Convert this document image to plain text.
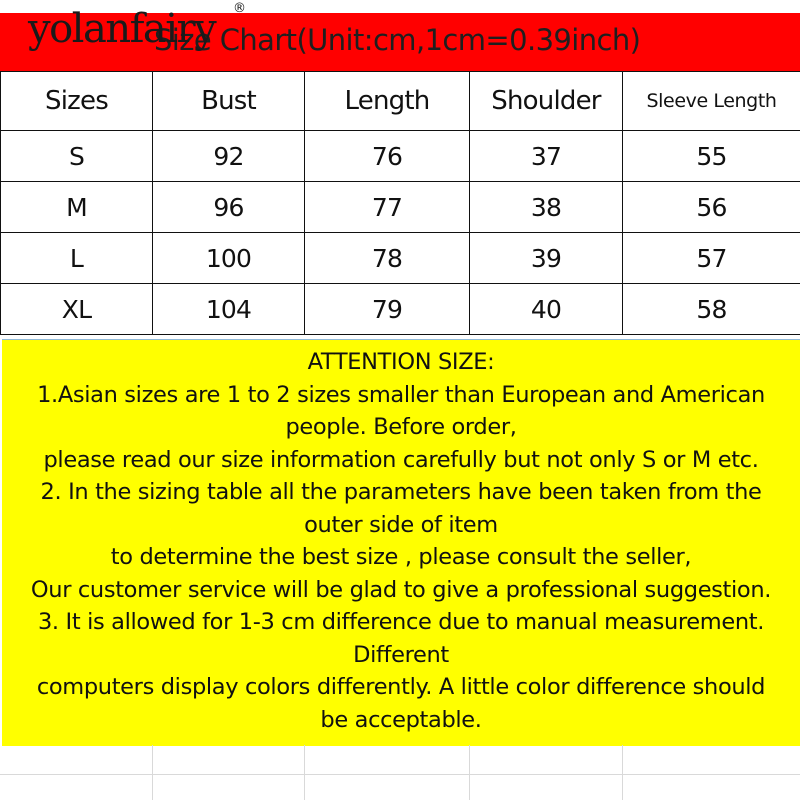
Size Chart(Unit:cm,1cm=0.39inch)
yolanfairy ®
Sizes	Bust	Length	Shoulder	Sleeve Length
S	92	76	37	55
M	96	77	38	56
L	100	78	39	57
XL	104	79	40	58
ATTENTION SIZE:
1.Asian sizes are 1 to 2 sizes smaller than European and American
people. Before order,
please read our size information carefully but not only S or M etc.
2. In the sizing table all the parameters have been taken from the
outer side of item
to determine the best size , please consult the seller,
Our customer service will be glad to give a professional suggestion.
3. It is allowed for 1-3 cm difference due to manual measurement.
Different
computers display colors differently. A little color difference should
be acceptable.
